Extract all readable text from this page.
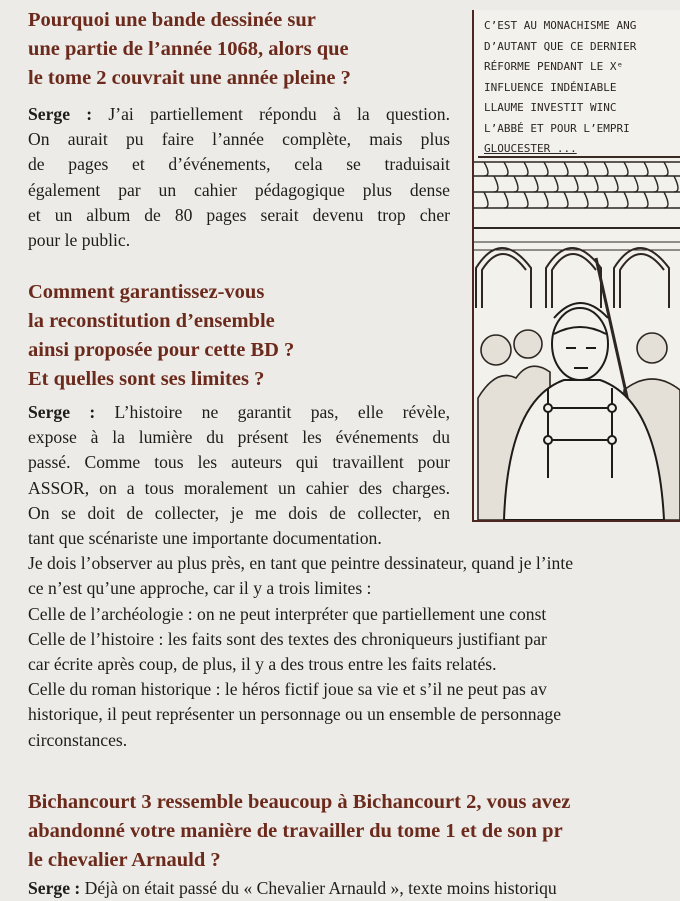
Pourquoi une bande dessinée sur
une partie de l’année 1068, alors que
le tome 2 couvrait une année pleine ?
Serge : J’ai partiellement répondu à la question.
On aurait pu faire l’année complète, mais plus
de pages et d’événements, cela se traduisait
également par un cahier pédagogique plus dense
et un album de 80 pages serait devenu trop cher
pour le public.
Comment garantissez-vous
la reconstitution d’ensemble
ainsi proposée pour cette BD ?
Et quelles sont ses limites ?
Serge : L’histoire ne garantit pas, elle révèle,
expose à la lumière du présent les événements du
passé. Comme tous les auteurs qui travaillent pour
ASSOR, on a tous moralement un cahier des charges.
On se doit de collecter, je me dois de collecter, en
tant que scénariste une importante documentation.
Je dois l’observer au plus près, en tant que peintre dessinateur, quand je l’inte
ce n’est qu’une approche, car il y a trois limites :
Celle de l’archéologie : on ne peut interpréter que partiellement une const
Celle de l’histoire : les faits sont des textes des chroniqueurs justifiant par
car écrite après coup, de plus, il y a des trous entre les faits relatés.
Celle du roman historique : le héros fictif joue sa vie et s’il ne peut pas av
historique, il peut représenter un personnage ou un ensemble de personnage
circonstances.
Bichancourt 3 ressemble beaucoup à Bichancourt 2, vous avez
abandonné votre manière de travailler du tome 1 et de son pr
le chevalier Arnauld ?
Serge : Déjà on était passé du « Chevalier Arnauld », texte moins historiqu
C’EST AU MONACHISME ANG
D’AUTANT QUE CE DERNIER
RÉFORME PENDANT LE Xᵉ
INFLUENCE INDÉNIABLE
LLAUME INVESTIT WINC
L’ABBÉ ET POUR L’EMPRI
GLOUCESTER ...
